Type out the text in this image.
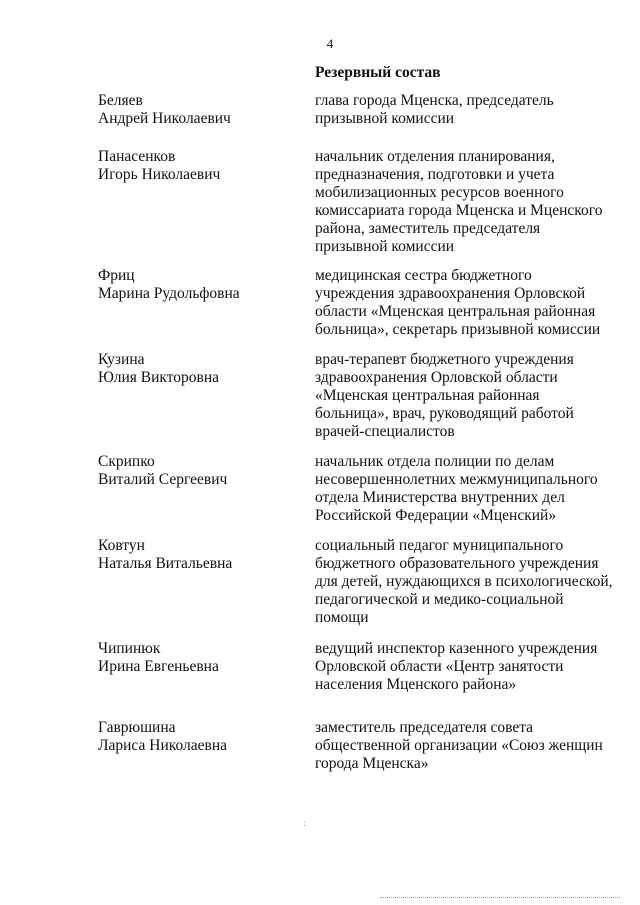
4
Резервный состав
Беляев
Андрей Николаевич
глава города Мценска, председатель
призывной комиссии
Панасенков
Игорь Николаевич
начальник отделения планирования,
предназначения, подготовки и учета
мобилизационных ресурсов военного
комиссариата города Мценска и Мценского
района, заместитель председателя
призывной комиссии
Фриц
Марина Рудольфовна
медицинская сестра бюджетного
учреждения здравоохранения Орловской
области «Мценская центральная районная
больница», секретарь призывной комиссии
Кузина
Юлия Викторовна
врач-терапевт бюджетного учреждения
здравоохранения Орловской области
«Мценская центральная районная
больница», врач, руководящий работой
врачей-специалистов
Скрипко
Виталий Сергеевич
начальник отдела полиции по делам
несовершеннолетних межмуниципального
отдела Министерства внутренних дел
Российской Федерации «Мценский»
Ковтун
Наталья Витальевна
социальный педагог муниципального
бюджетного образовательного учреждения
для детей, нуждающихся в психологической,
педагогической и медико-социальной
помощи
Чипинюк
Ирина Евгеньевна
ведущий инспектор казенного учреждения
Орловской области «Центр занятости
населения Мценского района»
Гаврюшина
Лариса Николаевна
заместитель председателя совета
общественной организации «Союз женщин
города Мценска»
:
